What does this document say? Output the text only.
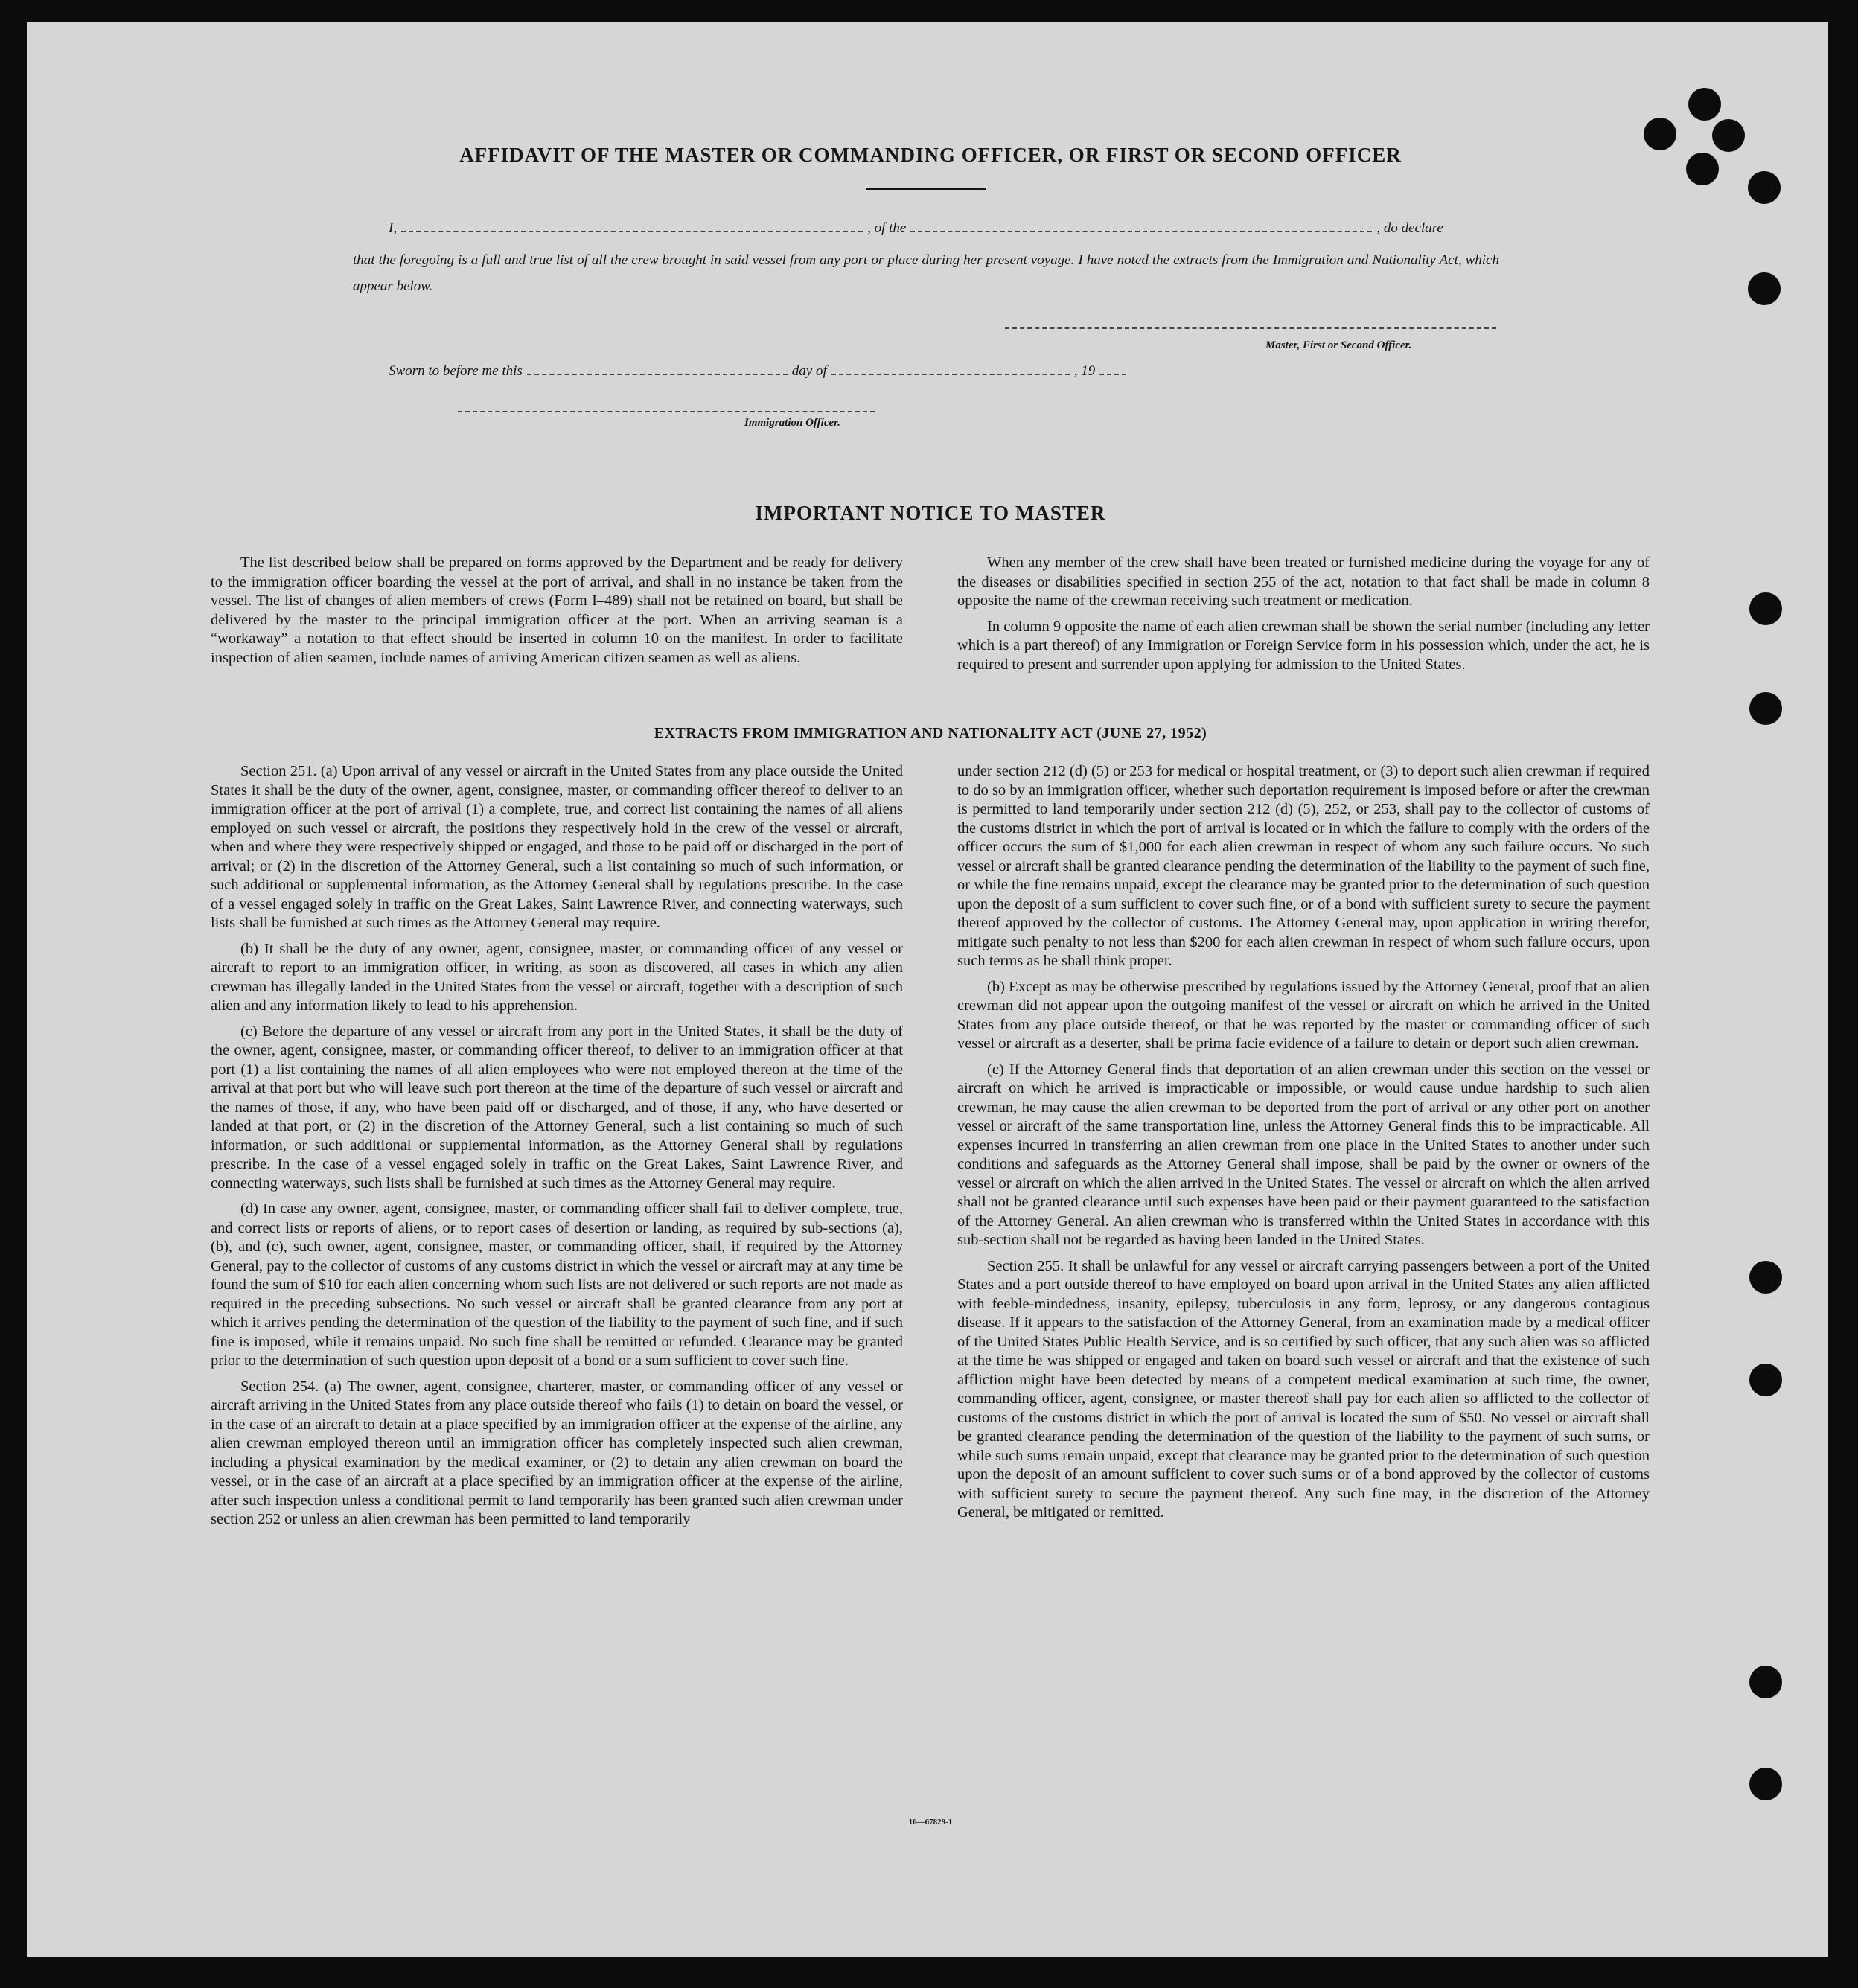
AFFIDAVIT OF THE MASTER OR COMMANDING OFFICER, OR FIRST OR SECOND OFFICER
I,	, of the	, do declare
that the foregoing is a full and true list of all the crew brought in said vessel from any port or place during her present voyage. I have noted the extracts from the Immigration and Nationality Act, which appear below.
Master, First or Second Officer.
Sworn to before me this	day of	, 19
Immigration Officer.
IMPORTANT NOTICE TO MASTER

The list described below shall be prepared on forms approved by the Department and be ready for delivery to the immigration officer boarding the vessel at the port of arrival, and shall in no instance be taken from the vessel. The list of changes of alien members of crews (Form I–489) shall not be retained on board, but shall be delivered by the master to the principal immigration officer at the port. When an arriving seaman is a “workaway” a notation to that effect should be inserted in column 10 on the manifest. In order to facilitate inspection of alien seamen, include names of arriving American citizen seamen as well as aliens.

When any member of the crew shall have been treated or furnished medicine during the voyage for any of the diseases or disabilities specified in section 255 of the act, notation to that fact shall be made in column 8 opposite the name of the crewman receiving such treatment or medication.

In column 9 opposite the name of each alien crewman shall be shown the serial number (including any letter which is a part thereof) of any Immigration or Foreign Service form in his possession which, under the act, he is required to present and surrender upon applying for admission to the United States.

EXTRACTS FROM IMMIGRATION AND NATIONALITY ACT (JUNE 27, 1952)

Section 251. (a) Upon arrival of any vessel or aircraft in the United States from any place outside the United States it shall be the duty of the owner, agent, consignee, master, or commanding officer thereof to deliver to an immigration officer at the port of arrival (1) a complete, true, and correct list containing the names of all aliens employed on such vessel or aircraft, the positions they respectively hold in the crew of the vessel or aircraft, when and where they were respectively shipped or engaged, and those to be paid off or discharged in the port of arrival; or (2) in the discretion of the Attorney General, such a list containing so much of such information, or such additional or supplemental information, as the Attorney General shall by regulations prescribe. In the case of a vessel engaged solely in traffic on the Great Lakes, Saint Lawrence River, and connecting waterways, such lists shall be furnished at such times as the Attorney General may require.

(b) It shall be the duty of any owner, agent, consignee, master, or commanding officer of any vessel or aircraft to report to an immigration officer, in writing, as soon as discovered, all cases in which any alien crewman has illegally landed in the United States from the vessel or aircraft, together with a description of such alien and any information likely to lead to his apprehension.

(c) Before the departure of any vessel or aircraft from any port in the United States, it shall be the duty of the owner, agent, consignee, master, or commanding officer thereof, to deliver to an immigration officer at that port (1) a list containing the names of all alien employees who were not employed thereon at the time of the arrival at that port but who will leave such port thereon at the time of the departure of such vessel or aircraft and the names of those, if any, who have been paid off or discharged, and of those, if any, who have deserted or landed at that port, or (2) in the discretion of the Attorney General, such a list containing so much of such information, or such additional or supplemental information, as the Attorney General shall by regulations prescribe. In the case of a vessel engaged solely in traffic on the Great Lakes, Saint Lawrence River, and connecting waterways, such lists shall be furnished at such times as the Attorney General may require.

(d) In case any owner, agent, consignee, master, or commanding officer shall fail to deliver complete, true, and correct lists or reports of aliens, or to report cases of desertion or landing, as required by sub-sections (a), (b), and (c), such owner, agent, consignee, master, or commanding officer, shall, if required by the Attorney General, pay to the collector of customs of any customs district in which the vessel or aircraft may at any time be found the sum of $10 for each alien concerning whom such lists are not delivered or such reports are not made as required in the preceding subsections. No such vessel or aircraft shall be granted clearance from any port at which it arrives pending the determination of the question of the liability to the payment of such fine, and if such fine is imposed, while it remains unpaid. No such fine shall be remitted or refunded. Clearance may be granted prior to the determination of such question upon deposit of a bond or a sum sufficient to cover such fine.

Section 254. (a) The owner, agent, consignee, charterer, master, or commanding officer of any vessel or aircraft arriving in the United States from any place outside thereof who fails (1) to detain on board the vessel, or in the case of an aircraft to detain at a place specified by an immigration officer at the expense of the airline, any alien crewman employed thereon until an immigration officer has completely inspected such alien crewman, including a physical examination by the medical examiner, or (2) to detain any alien crewman on board the vessel, or in the case of an aircraft at a place specified by an immigration officer at the expense of the airline, after such inspection unless a conditional permit to land temporarily has been granted such alien crewman under section 252 or unless an alien crewman has been permitted to land temporarily

under section 212 (d) (5) or 253 for medical or hospital treatment, or (3) to deport such alien crewman if required to do so by an immigration officer, whether such deportation requirement is imposed before or after the crewman is permitted to land temporarily under section 212 (d) (5), 252, or 253, shall pay to the collector of customs of the customs district in which the port of arrival is located or in which the failure to comply with the orders of the officer occurs the sum of $1,000 for each alien crewman in respect of whom any such failure occurs. No such vessel or aircraft shall be granted clearance pending the determination of the liability to the payment of such fine, or while the fine remains unpaid, except the clearance may be granted prior to the determination of such question upon the deposit of a sum sufficient to cover such fine, or of a bond with sufficient surety to secure the payment thereof approved by the collector of customs. The Attorney General may, upon application in writing therefor, mitigate such penalty to not less than $200 for each alien crewman in respect of whom such failure occurs, upon such terms as he shall think proper.

(b) Except as may be otherwise prescribed by regulations issued by the Attorney General, proof that an alien crewman did not appear upon the outgoing manifest of the vessel or aircraft on which he arrived in the United States from any place outside thereof, or that he was reported by the master or commanding officer of such vessel or aircraft as a deserter, shall be prima facie evidence of a failure to detain or deport such alien crewman.

(c) If the Attorney General finds that deportation of an alien crewman under this section on the vessel or aircraft on which he arrived is impracticable or impossible, or would cause undue hardship to such alien crewman, he may cause the alien crewman to be deported from the port of arrival or any other port on another vessel or aircraft of the same transportation line, unless the Attorney General finds this to be impracticable. All expenses incurred in transferring an alien crewman from one place in the United States to another under such conditions and safeguards as the Attorney General shall impose, shall be paid by the owner or owners of the vessel or aircraft on which the alien arrived in the United States. The vessel or aircraft on which the alien arrived shall not be granted clearance until such expenses have been paid or their payment guaranteed to the satisfaction of the Attorney General. An alien crewman who is transferred within the United States in accordance with this sub-section shall not be regarded as having been landed in the United States.

Section 255. It shall be unlawful for any vessel or aircraft carrying passengers between a port of the United States and a port outside thereof to have employed on board upon arrival in the United States any alien afflicted with feeble-mindedness, insanity, epilepsy, tuberculosis in any form, leprosy, or any dangerous contagious disease. If it appears to the satisfaction of the Attorney General, from an examination made by a medical officer of the United States Public Health Service, and is so certified by such officer, that any such alien was so afflicted at the time he was shipped or engaged and taken on board such vessel or aircraft and that the existence of such affliction might have been detected by means of a competent medical examination at such time, the owner, commanding officer, agent, consignee, or master thereof shall pay for each alien so afflicted to the collector of customs of the customs district in which the port of arrival is located the sum of $50. No vessel or aircraft shall be granted clearance pending the determination of the question of the liability to the payment of such sums, or while such sums remain unpaid, except that clearance may be granted prior to the determination of such question upon the deposit of an amount sufficient to cover such sums or of a bond approved by the collector of customs with sufficient surety to secure the payment thereof. Any such fine may, in the discretion of the Attorney General, be mitigated or remitted.

16—67829-1
